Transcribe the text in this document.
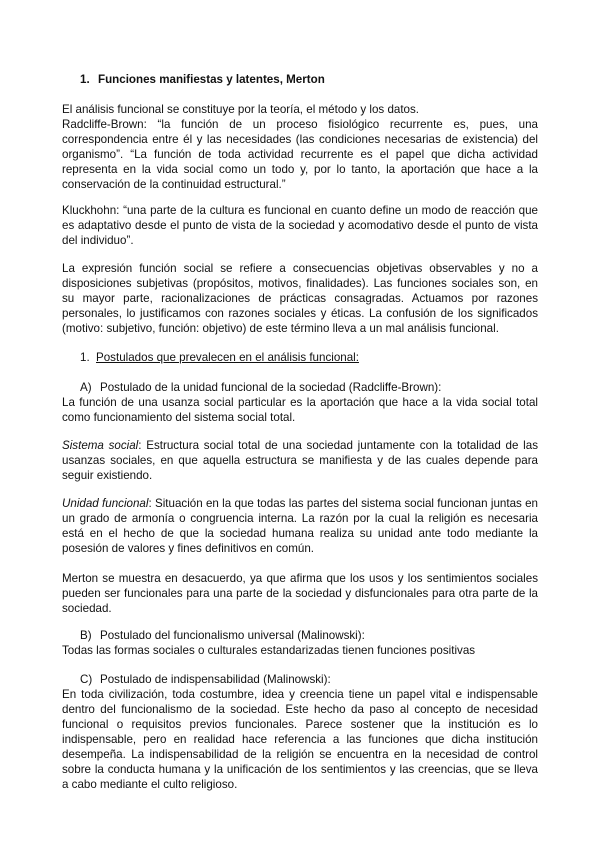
1. Funciones manifiestas y latentes, Merton

El análisis funcional se constituye por la teoría, el método y los datos.

Radcliffe-Brown: “la función de un proceso fisiológico recurrente es, pues, una correspondencia entre él y las necesidades (las condiciones necesarias de existencia) del organismo”. “La función de toda actividad recurrente es el papel que dicha actividad representa en la vida social como un todo y, por lo tanto, la aportación que hace a la conservación de la continuidad estructural.”

Kluckhohn: “una parte de la cultura es funcional en cuanto define un modo de reacción que es adaptativo desde el punto de vista de la sociedad y acomodativo desde el punto de vista del individuo”.

La expresión función social se refiere a consecuencias objetivas observables y no a disposiciones subjetivas (propósitos, motivos, finalidades). Las funciones sociales son, en su mayor parte, racionalizaciones de prácticas consagradas. Actuamos por razones personales, lo justificamos con razones sociales y éticas. La confusión de los significados (motivo: subjetivo, función: objetivo) de este término lleva a un mal análisis funcional.

1. Postulados que prevalecen en el análisis funcional:
A) Postulado de la unidad funcional de la sociedad (Radcliffe-Brown):

La función de una usanza social particular es la aportación que hace a la vida social total como funcionamiento del sistema social total.

Sistema social: Estructura social total de una sociedad juntamente con la totalidad de las usanzas sociales, en que aquella estructura se manifiesta y de las cuales depende para seguir existiendo.

Unidad funcional: Situación en la que todas las partes del sistema social funcionan juntas en un grado de armonía o congruencia interna. La razón por la cual la religión es necesaria está en el hecho de que la sociedad humana realiza su unidad ante todo mediante la posesión de valores y fines definitivos en común.

Merton se muestra en desacuerdo, ya que afirma que los usos y los sentimientos sociales pueden ser funcionales para una parte de la sociedad y disfuncionales para otra parte de la sociedad.

B) Postulado del funcionalismo universal (Malinowski):

Todas las formas sociales o culturales estandarizadas tienen funciones positivas

C) Postulado de indispensabilidad (Malinowski):

En toda civilización, toda costumbre, idea y creencia tiene un papel vital e indispensable dentro del funcionalismo de la sociedad. Este hecho da paso al concepto de necesidad funcional o requisitos previos funcionales. Parece sostener que la institución es lo indispensable, pero en realidad hace referencia a las funciones que dicha institución desempeña. La indispensabilidad de la religión se encuentra en la necesidad de control sobre la conducta humana y la unificación de los sentimientos y las creencias, que se lleva a cabo mediante el culto religioso.
